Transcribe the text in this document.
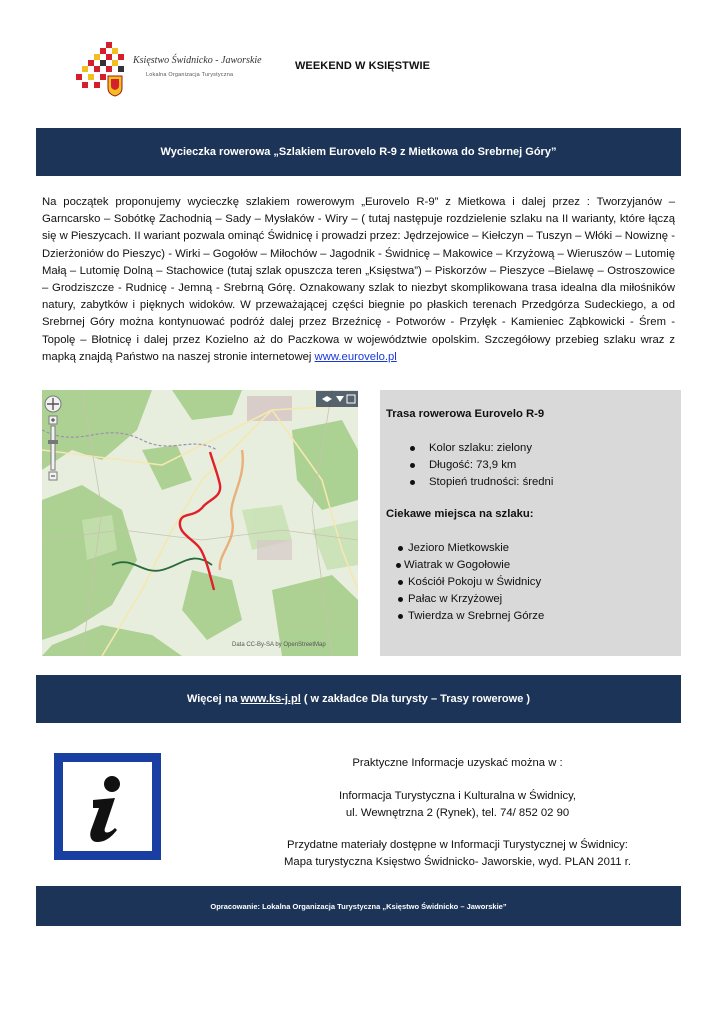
Księstwo Świdnicko - Jaworskie
Lokalna Organizacja Turystyczna
WEEKEND W KSIĘSTWIE
Wycieczka rowerowa „Szlakiem Eurovelo R-9 z Mietkowa do Srebrnej Góry”
Na początek proponujemy wycieczkę szlakiem rowerowym „Eurovelo R-9” z Mietkowa i dalej przez : Tworzyjanów – Garncarsko – Sobótkę Zachodnią – Sady – Mysłaków - Wiry – ( tutaj następuje rozdzielenie szlaku na II warianty, które łączą się w Pieszycach. II wariant pozwala ominąć Świdnicę i prowadzi przez: Jędrzejowice – Kiełczyn – Tuszyn – Włóki – Nowiznę - Dzierżoniów do Pieszyc) - Wirki – Gogołów – Miłochów – Jagodnik - Świdnicę – Makowice – Krzyżową – Wieruszów – Lutomię Małą – Lutomię Dolną – Stachowice (tutaj szlak opuszcza teren „Księstwa”) – Piskorzów – Pieszyce –Bielawę – Ostroszowice – Grodziszcze - Rudnicę - Jemną - Srebrną Górę. Oznakowany szlak to niezbyt skomplikowana trasa idealna dla miłośników natury, zabytków i pięknych widoków. W przeważającej części biegnie po płaskich terenach Przedgórza Sudeckiego, a od Srebrnej Góry można kontynuować podróż dalej przez Brzeźnicę - Potworów - Przyłęk - Kamieniec Ząbkowicki - Śrem - Topolę – Błotnicę i dalej przez Kozielno aż do Paczkowa w województwie opolskim. Szczegółowy przebieg szlaku wraz z mapką znajdą Państwo na naszej stronie internetowej www.eurovelo.pl
Data CC-By-SA by OpenStreetMap
Trasa rowerowa Eurovelo R-9
Kolor szlaku: zielony
Długość: 73,9 km
Stopień trudności: średni
Ciekawe miejsca na szlaku:
Jezioro Mietkowskie
Wiatrak w Gogołowie
Kościół Pokoju w Świdnicy
Pałac w Krzyżowej
Twierdza w Srebrnej Górze
Więcej na www.ks-j.pl ( w zakładce Dla turysty – Trasy rowerowe )
Praktyczne Informacje uzyskać można w :
Informacja Turystyczna i Kulturalna w Świdnicy,
ul. Wewnętrzna 2 (Rynek), tel. 74/ 852 02 90
Przydatne materiały dostępne w Informacji Turystycznej w Świdnicy:
Mapa turystyczna Księstwo Świdnicko- Jaworskie, wyd. PLAN 2011 r.
Opracowanie: Lokalna Organizacja Turystyczna „Księstwo Świdnicko – Jaworskie”
